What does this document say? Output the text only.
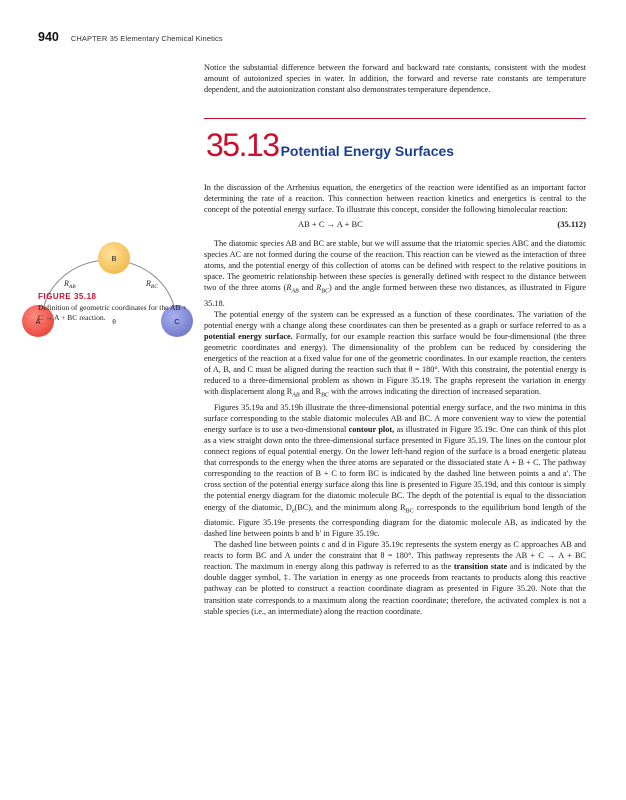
940 CHAPTER 35 Elementary Chemical Kinetics
Notice the substantial difference between the forward and backward rate constants, consistent with the modest amount of autoionized species in water. In addition, the forward and reverse rate constants are temperature dependent, and the autoionization constant also demonstrates temperature dependence.
35.13 Potential Energy Surfaces
B
A	C
$R_{AB}$	$R_{BC}$
θ
FIGURE 35.18
Definition of geometric coordinates for the AB + C → A + BC reaction.

In the discussion of the Arrhenius equation, the energetics of the reaction were identified as an important factor determining the rate of a reaction. This connection between reaction kinetics and energetics is central to the concept of the potential energy surface. To illustrate this concept, consider the following bimolecular reaction:

AB + C → A + BC	(35.112)

The diatomic species AB and BC are stable, but we will assume that the triatomic species ABC and the diatomic species AC are not formed during the course of the reaction. This reaction can be viewed as the interaction of three atoms, and the potential energy of this collection of atoms can be defined with respect to the relative positions in space. The geometric relationship between these species is generally defined with respect to the distance between two of the three atoms ($R_{AB}$ and $R_{BC}$) and the angle formed between these two distances, as illustrated in Figure 35.18.

The potential energy of the system can be expressed as a function of these coordinates. The variation of the potential energy with a change along these coordinates can then be presented as a graph or surface referred to as a potential energy surface. Formally, for our example reaction this surface would be four-dimensional (the three geometric coordinates and energy). The dimensionality of the problem can be reduced by considering the energetics of the reaction at a fixed value for one of the geometric coordinates. In our example reaction, the centers of A, B, and C must be aligned during the reaction such that θ = 180°. With this constraint, the potential energy is reduced to a three-dimensional problem as shown in Figure 35.19. The graphs represent the variation in energy with displacement along $R_{AB}$ and $R_{BC}$ with the arrows indicating the direction of increased separation.

Figures 35.19a and 35.19b illustrate the three-dimensional potential energy surface, and the two minima in this surface corresponding to the stable diatomic molecules AB and BC. A more convenient way to view the potential energy surface is to use a two-dimensional contour plot, as illustrated in Figure 35.19c. One can think of this plot as a view straight down onto the three-dimensional surface presented in Figure 35.19. The lines on the contour plot connect regions of equal potential energy. On the lower left-hand region of the surface is a broad energetic plateau that corresponds to the energy when the three atoms are separated or the dissociated state A + B + C. The pathway corresponding to the reaction of B + C to form BC is indicated by the dashed line between points a and a′. The cross section of the potential energy surface along this line is presented in Figure 35.19d, and this contour is simply the potential energy diagram for the diatomic molecule BC. The depth of the potential is equal to the dissociation energy of the diatomic, $D_e(BC)$, and the minimum along $R_{BC}$ corresponds to the equilibrium bond length of the diatomic. Figure 35.19e presents the corresponding diagram for the diatomic molecule AB, as indicated by the dashed line between points b and b′ in Figure 35.19c.

The dashed line between points c and d in Figure 35.19c represents the system energy as C approaches AB and reacts to form BC and A under the constraint that θ = 180°. This pathway represents the AB + C → A + BC reaction. The maximum in energy along this pathway is referred to as the transition state and is indicated by the double dagger symbol, ‡. The variation in energy as one proceeds from reactants to products along this reactive pathway can be plotted to construct a reaction coordinate diagram as presented in Figure 35.20. Note that the transition state corresponds to a maximum along the reaction coordinate; therefore, the activated complex is not a stable species (i.e., an intermediate) along the reaction coordinate.
